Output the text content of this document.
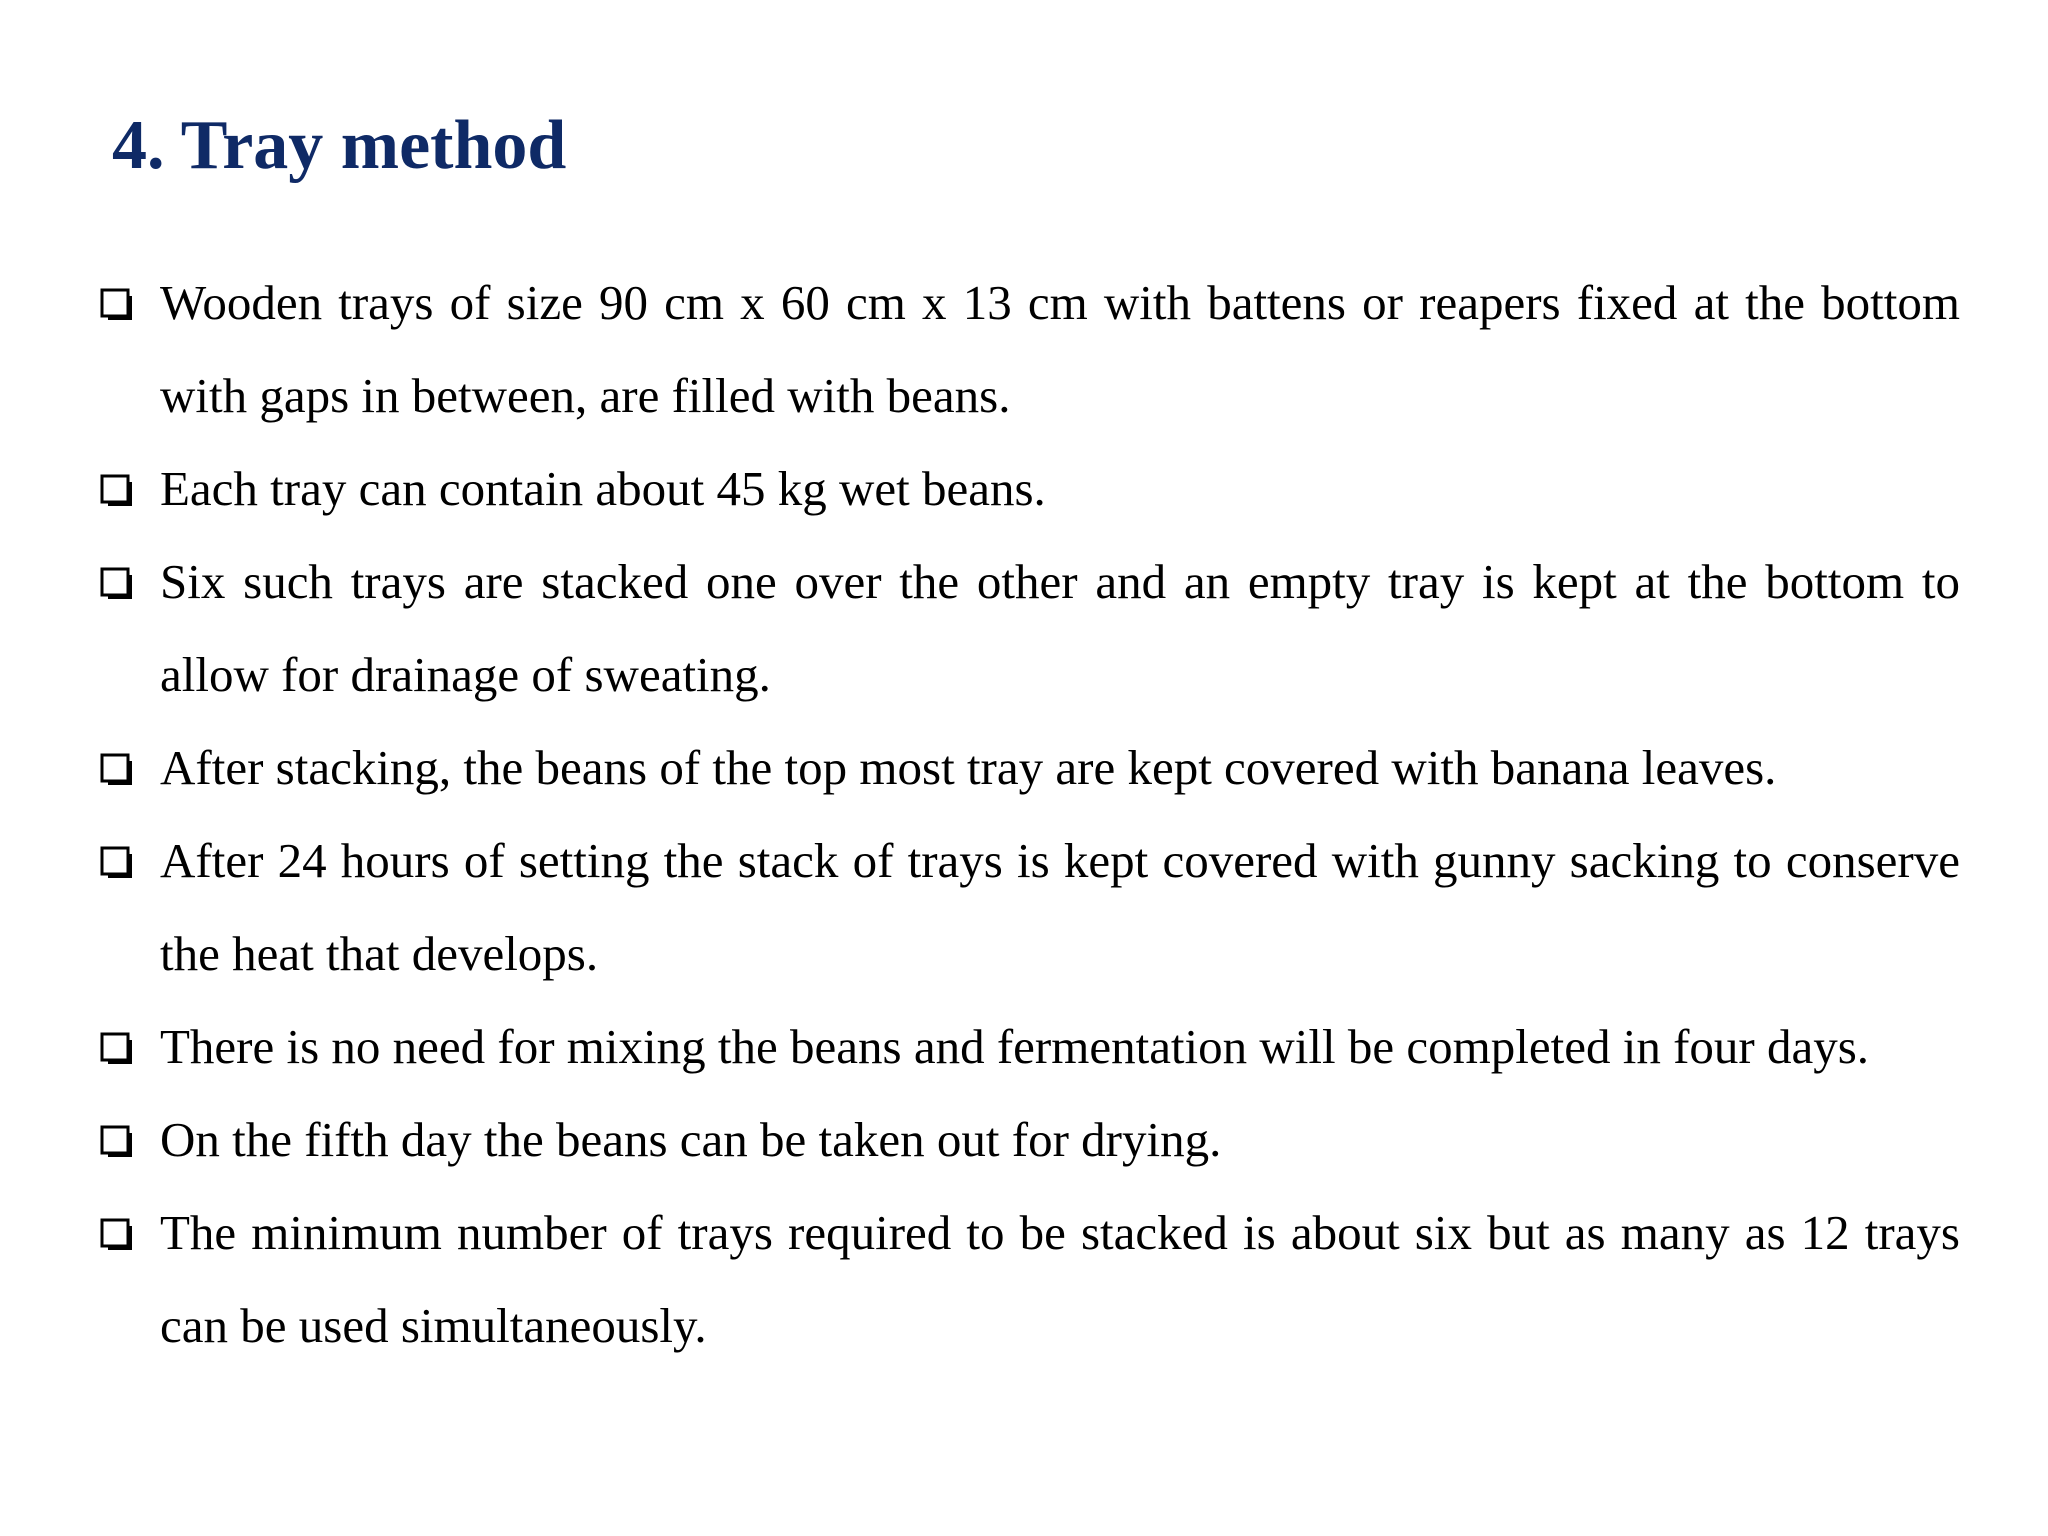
4. Tray method
Wooden trays of size 90 cm x 60 cm x 13 cm with battens or reapers fixed at the bottom with gaps in between, are filled with beans.
Each tray can contain about 45 kg wet beans.
Six such trays are stacked one over the other and an empty tray is kept at the bottom to allow for drainage of sweating.
After stacking, the beans of the top most tray are kept covered with banana leaves.
After 24 hours of setting the stack of trays is kept covered with gunny sacking to conserve the heat that develops.
There is no need for mixing the beans and fermentation will be completed in four days.
On the fifth day the beans can be taken out for drying.
The minimum number of trays required to be stacked is about six but as many as 12 trays can be used simultaneously.
